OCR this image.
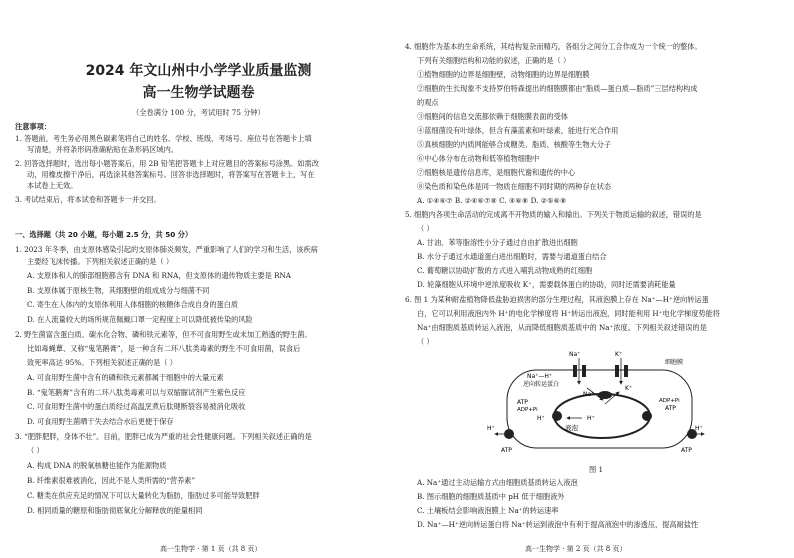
2024 年文山州中小学学业质量监测
高一生物学试题卷
（全卷满分 100 分，考试用时 75 分钟）
注意事项：
1. 答题前，考生务必用黑色碳素笔将自己的姓名、学校、班级、考场号、座位号在答题卡上填
写清楚，并将条形码准确粘贴在条形码区域内。
2. 回答选择题时，选出每小题答案后，用 2B 铅笔把答题卡上对应题目的答案标号涂黑。如需改
动，用橡皮擦干净后，再选涂其他答案标号。回答非选择题时，将答案写在答题卡上，写在
本试卷上无效。
3. 考试结束后，将本试卷和答题卡一并交回。
一、选择题（共 20 小题，每小题 2.5 分，共 50 分）
1. 2023 年冬季，由支原体感染引起的支原体肺炎频发，严重影响了人们的学习和生活，该疾病
主要经飞沫传播。下列相关叙述正确的是（ ）
A. 支原体和人的肺部细胞都含有 DNA 和 RNA，但支原体的遗传物质主要是 RNA
B. 支原体属于原核生物，其细胞壁的组成成分与细菌不同
C. 寄生在人体内的支原体利用人体细胞的核糖体合成自身的蛋白质
D. 在人流量较大的场所规范佩戴口罩一定程度上可以降低被传染的风险
2. 野生菌富含蛋白质、碳水化合物、磷和铁元素等，但不可食用野生或未加工熟透的野生菌。
比如毒蝇蕈、又称“鬼笔鹅膏”，是一种含有二环八肽类毒素的野生不可食用菌，误食后
致死率高达 95%。下列相关叙述正确的是（ ）
A. 可食用野生菌中含有的磷和铁元素都属于细胞中的大量元素
B. “鬼笔鹅膏”含有的二环八肽类毒素可以与双缩脲试剂产生紫色反应
C. 可食用野生菌中的蛋白质经过高温烹煮后肽键断裂容易被消化吸收
D. 可食用野生菌晒干失去结合水后更便于保存
3. “肥胖肥胖，身体不壮”。目前，肥胖已成为严重的社会性健康问题。下列相关叙述正确的是
（ ）
A. 构成 DNA 的脱氧核糖也能作为能源物质
B. 纤维素很难被消化，因此不是人类所需的“营养素”
C. 糖类在供应充足的情况下可以大量转化为脂肪，脂肪过多可能导致肥胖
D. 相同质量的糖原和脂肪彻底氧化分解释放的能量相同
高一生物学 · 第 1 页（共 8 页）
4. 细胞作为基本的生命系统，其结构复杂而精巧，各组分之间分工合作成为一个统一的整体。
下列有关细胞结构和功能的叙述，正确的是（ ）
①植物细胞的边界是细胞壁，动物细胞的边界是细胞膜
②细胞的生长现象不支持罗伯特森提出的细胞膜都由“脂质—蛋白质—脂质”三层结构构成
的观点
③细胞间的信息交流都依赖于细胞膜表面的受体
④蓝细菌没有叶绿体，但含有藻蓝素和叶绿素，能进行光合作用
⑤真核细胞的内质网能够合成糖类、脂质、核酸等生物大分子
⑥中心体分布在动物和低等植物细胞中
⑦细胞核是遗传信息库，是细胞代谢和遗传的中心
⑧染色质和染色体是同一物质在细胞不同时期的两种存在状态
A. ①④⑥⑦ B. ②④⑥⑦⑧ C. ④⑥⑧ D. ②⑤⑥⑧
5. 细胞内各项生命活动的完成离不开物质的输入和输出。下列关于物质运输的叙述，错误的是
（ ）
A. 甘油、苯等脂溶性小分子通过自由扩散进出细胞
B. 水分子通过水通道蛋白进出细胞时，需要与通道蛋白结合
C. 葡萄糖以协助扩散的方式进入哺乳动物成熟的红细胞
D. 轮藻细胞从环境中逆浓度吸收 K⁺，需要载体蛋白的协助，同时还需要消耗能量
6. 图 1 为某种耐盐植物降低盐胁迫损害的部分生理过程，其液泡膜上存在 Na⁺—H⁺逆向转运蛋
白，它可以利用液泡内外 H⁺的电化学梯度将 H⁺转运出液泡，同时能利用 H⁺电化学梯度势能将
Na⁺由细胞质基质转运入液泡，从而降低细胞质基质中的 Na⁺浓度。下列相关叙述错误的是
（ ）
Na⁺	K⁺
K⁺
Na⁺—H⁺
逆向转运蛋白
Na⁺
ATP
ADP+Pi
H⁺	H⁺
ATP
ADP+Pi
液泡
H⁺
ATP
H⁺
ATP
细胞膜
图 1
A. Na⁺通过主动运输方式由细胞质基质转运入液泡
B. 图示细胞的细胞质基质中 pH 低于细胞液外
C. 土壤板结会影响液泡膜上 Na⁺的转运速率
D. Na⁺—H⁺逆向转运蛋白将 Na⁺转运到液泡中有利于提高液泡中的渗透压，提高耐盐性
高一生物学 · 第 2 页（共 8 页）
